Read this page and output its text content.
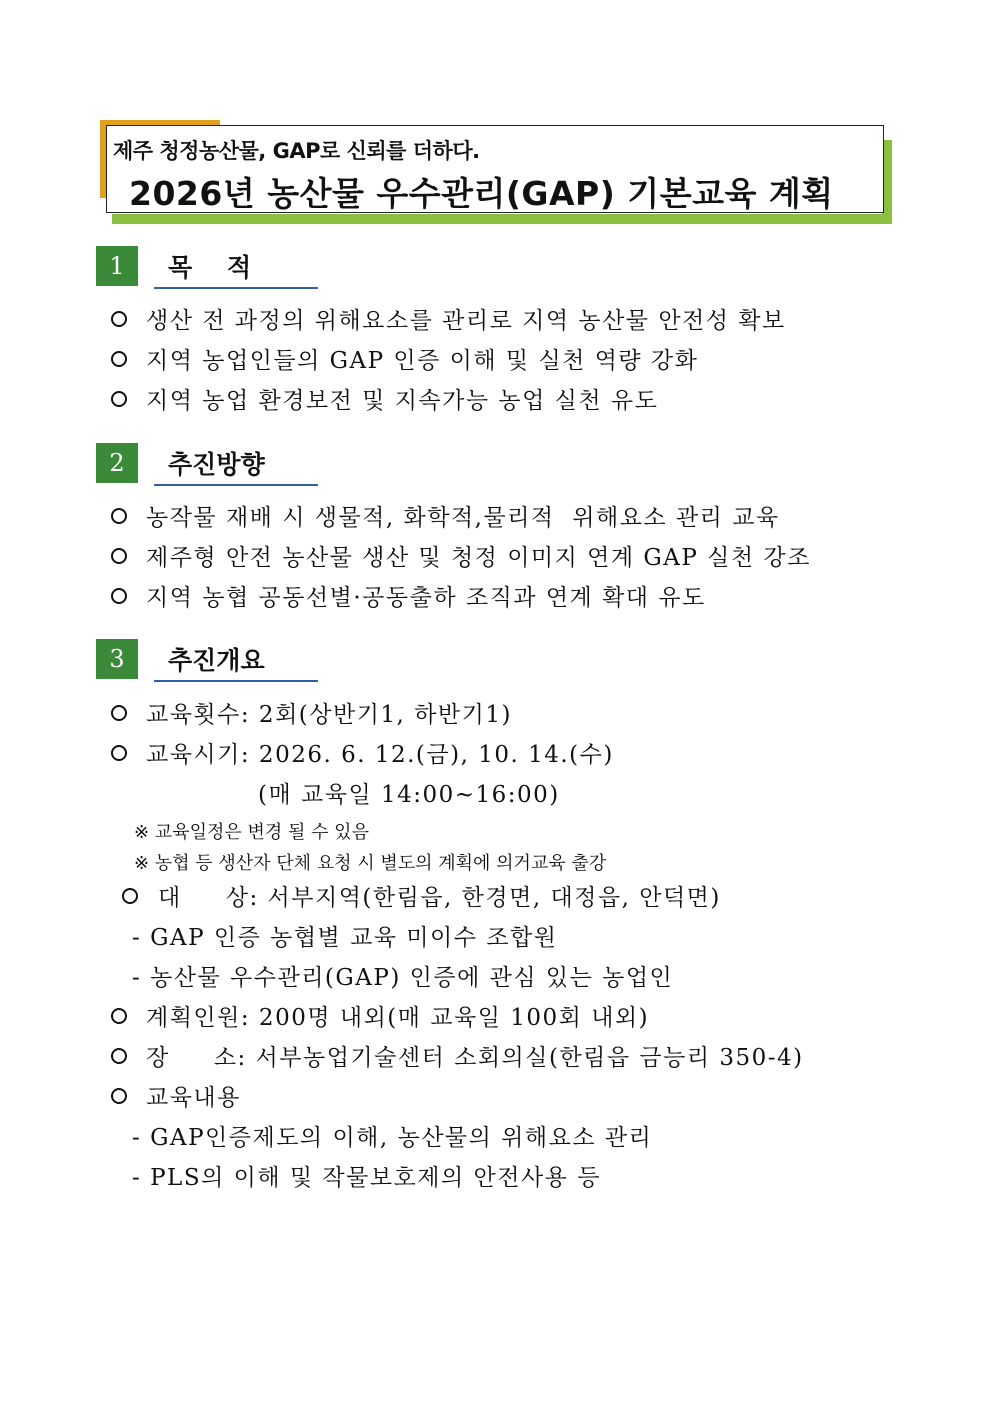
제주 청정농산물, GAP로 신뢰를 더하다.
2026년 농산물 우수관리(GAP) 기본교육 계획
1	목    적
생산 전 과정의 위해요소를 관리로 지역 농산물 안전성 확보
지역 농업인들의 GAP 인증 이해 및 실천 역량 강화
지역 농업 환경보전 및 지속가능 농업 실천 유도
2	추진방향
농작물 재배 시 생물적, 화학적,물리적  위해요소 관리 교육
제주형 안전 농산물 생산 및 청정 이미지 연계 GAP 실천 강조
지역 농협 공동선별·공동출하 조직과 연계 확대 유도
3	추진개요
교육횟수: 2회(상반기1, 하반기1)
교육시기: 2026. 6. 12.(금), 10. 14.(수)
(매 교육일 14:00~16:00)
※ 교육일정은 변경 될 수 있음
※ 농협 등 생산자 단체 요청 시 별도의 계획에 의거교육 출강
대     상: 서부지역(한림읍, 한경면, 대정읍, 안덕면)
- GAP 인증 농협별 교육 미이수 조합원
- 농산물 우수관리(GAP) 인증에 관심 있는 농업인
계획인원: 200명 내외(매 교육일 100회 내외)
장     소: 서부농업기술센터 소회의실(한림읍 금능리 350-4)
교육내용
- GAP인증제도의 이해, 농산물의 위해요소 관리
- PLS의 이해 및 작물보호제의 안전사용 등
